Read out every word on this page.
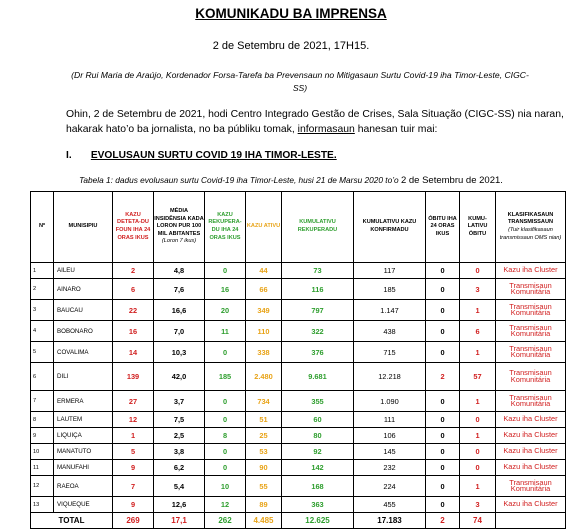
KOMUNIKADU BA IMPRENSA
2 de Setembru de 2021, 17H15.
(Dr Rui Maria de Araújo, Kordenador Forsa-Tarefa ba Prevensaun no Mitigasaun Surtu Covid-19 iha Timor-Leste, CIGC-SS)
Ohin, 2 de Setembru de 2021, hodi Centro Integrado Gestão de Crises, Sala Situação (CIGC-SS) nia naran, hakarak hato’o ba jornalista, no ba públiku tomak, informasaun hanesan tuir mai:
I. EVOLUSAUN SURTU COVID 19 IHA TIMOR-LESTE.
Tabela 1: dadus evolusaun surtu Covid-19 iha Timor-Leste, husi 21 de Marsu 2020 to’o 2 de Setembru de 2021.
Nº	MUNISIPIU	KAZU DETETA-DU FOUN IHA 24 ORAS IKUS	MÉDIA INSIDÊNSIA KADA LORON PUR 100 MIL ABITANTES
(Loron 7 ikus)	KAZU REKUPERA-DU IHA 24 ORAS IKUS	KAZU ATIVU	KUMULATIVU REKUPERADU	KUMULATIVU KAZU KONFIRMADU	ÓBITU IHA 24 ORAS IKUS	KUMU-LATIVU ÓBITU	KLASIFIKASAUN TRANSMISSAUN
(Tuir klasifikasaun transmissaun OMS nian)
1	AILEU	2	4,8	0	44	73	117	0	0	Kazu iha Cluster
2	AINARO	6	7,6	16	66	116	185	0	3	Transmisaun Komunitária
3	BAUCAU	22	16,6	20	349	797	1.147	0	1	Transmisaun Komunitária
4	BOBONARO	16	7,0	11	110	322	438	0	6	Transmisaun Komunitária
5	COVALIMA	14	10,3	0	338	376	715	0	1	Transmisaun Komunitária
6	DILI	139	42,0	185	2.480	9.681	12.218	2	57	Transmisaun Komunitária
7	ERMERA	27	3,7	0	734	355	1.090	0	1	Transmisaun Komunitária
8	LAUTEM	12	7,5	0	51	60	111	0	0	Kazu iha Cluster
9	LIQUIÇA	1	2,5	8	25	80	106	0	1	Kazu iha Cluster
10	MANATUTO	5	3,8	0	53	92	145	0	0	Kazu iha Cluster
11	MANUFAHI	9	6,2	0	90	142	232	0	0	Kazu iha Cluster
12	RAEOA	7	5,4	10	55	168	224	0	1	Transmisaun Komunitária
13	VIQUEQUE	9	12,6	12	89	363	455	0	3	Kazu iha Cluster
TOTAL		269	17,1	262	4.485	12.625	17.183	2	74	
